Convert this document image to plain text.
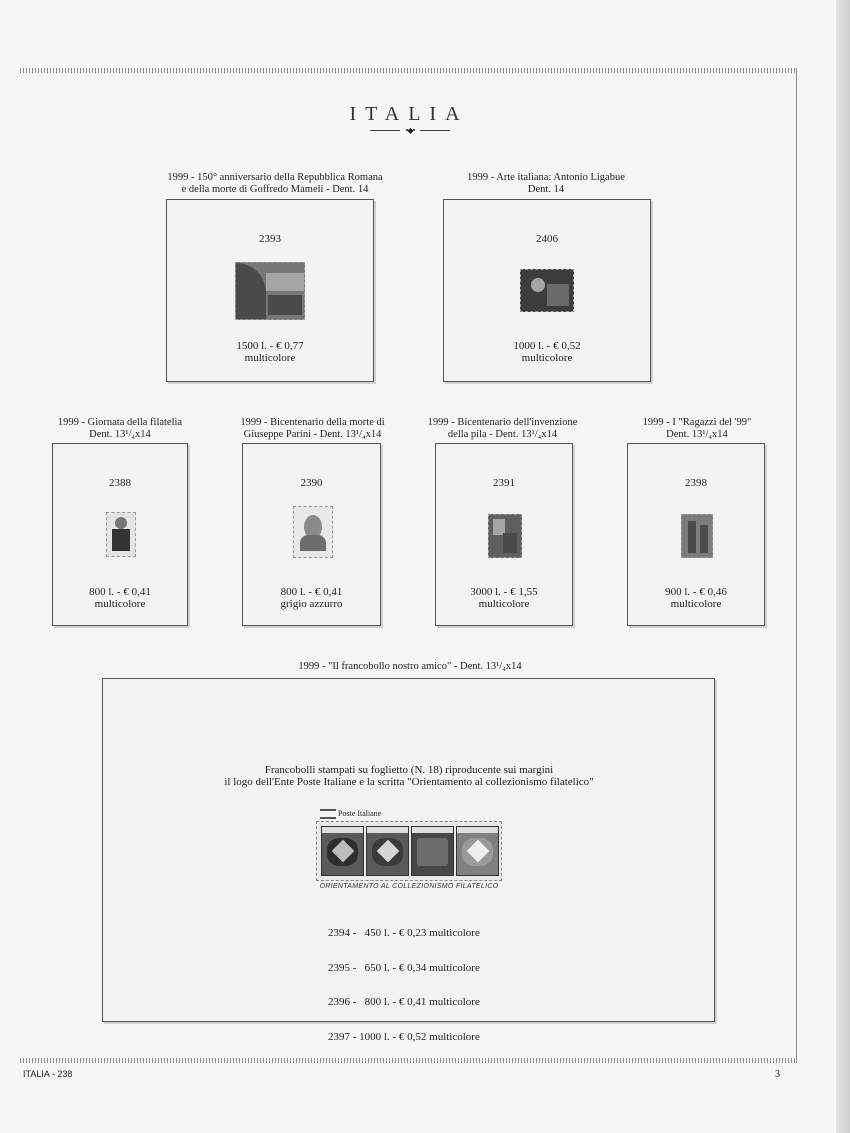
ITALIA
•◆•
1999 - 150° anniversario della Repubblica Romana
e della morte di Goffredo Mameli - Dent. 14
2393
1500 l. - € 0,77
multicolore
1999 - Arte italiana: Antonio Ligabue
Dent. 14
2406
1000 l. - € 0,52
multicolore
1999 - Giornata della filatelia
Dent. 13¹/₄x14
2388
800 l. - € 0,41
multicolore
1999 - Bicentenario della morte di
Giuseppe Parini - Dent. 13¹/₄x14
2390
800 l. - € 0,41
grigio azzurro
1999 - Bicentenario dell'invenzione
della pila - Dent. 13¹/₄x14
2391
3000 l. - € 1,55
multicolore
1999 - I "Ragazzi del '99"
Dent. 13¹/₄x14
2398
900 l. - € 0,46
multicolore
1999 - "Il francobollo nostro amico" - Dent. 13¹/₄x14
Francobolli stampati su foglietto (N. 18) riproducente sui margini
il logo dell'Ente Poste Italiane e la scritta "Orientamento al collezionismo filatelico"
Poste Italiane
ORIENTAMENTO AL COLLEZIONISMO FILATELICO

2394 -   450 l. - € 0,23 multicolore

2395 -   650 l. - € 0,34 multicolore

2396 -   800 l. - € 0,41 multicolore

2397 - 1000 l. - € 0,52 multicolore

ITALIA - 238	3
